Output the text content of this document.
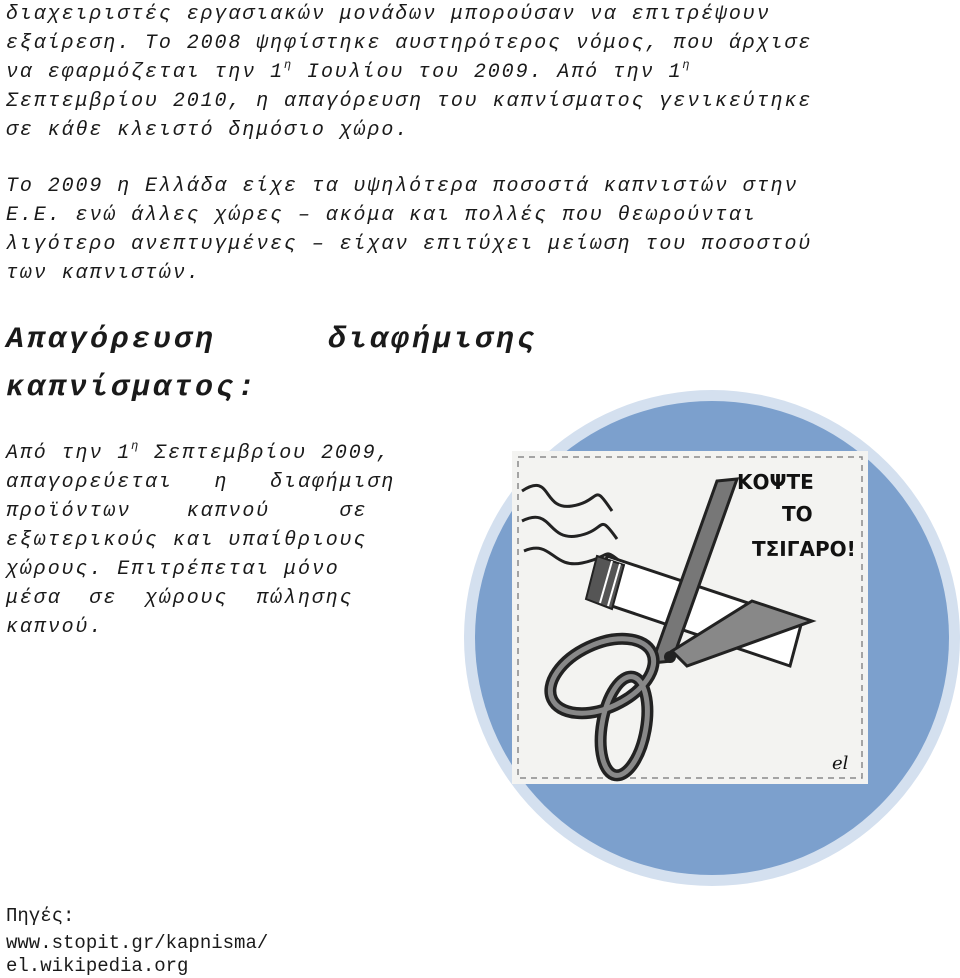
διαχειριστές εργασιακών μονάδων μπορούσαν να επιτρέψουν
εξαίρεση. Το 2008 ψηφίστηκε αυστηρότερος νόμος, που άρχισε
να εφαρμόζεται την $1^\eta$ Ιουλίου του 2009. Από την $1^\eta$
Σεπτεμβρίου 2010, η απαγόρευση του καπνίσματος γενικεύτηκε
σε κάθε κλειστό δημόσιο χώρο.
Το 2009 η Ελλάδα είχε τα υψηλότερα ποσοστά καπνιστών στην
Ε.Ε. ενώ άλλες χώρες – ακόμα και πολλές που θεωρούνται
λιγότερο ανεπτυγμένες – είχαν επιτύχει μείωση του ποσοστού
των καπνιστών.
Απαγόρευση	διαφήμισης
καπνίσματος:
ΚΟΨΤΕ
ΤΟ
ΤΣΙΓΑΡΟ!
el
Από την $1^\eta$ Σεπτεμβρίου 2009,
απαγορεύεται   η   διαφήμιση
προϊόντων    καπνού     σε
εξωτερικούς και υπαίθριους
χώρους. Επιτρέπεται μόνο
μέσα  σε  χώρους  πώλησης
καπνού.
Πηγές:
www.stopit.gr/kapnisma/
el.wikipedia.org
